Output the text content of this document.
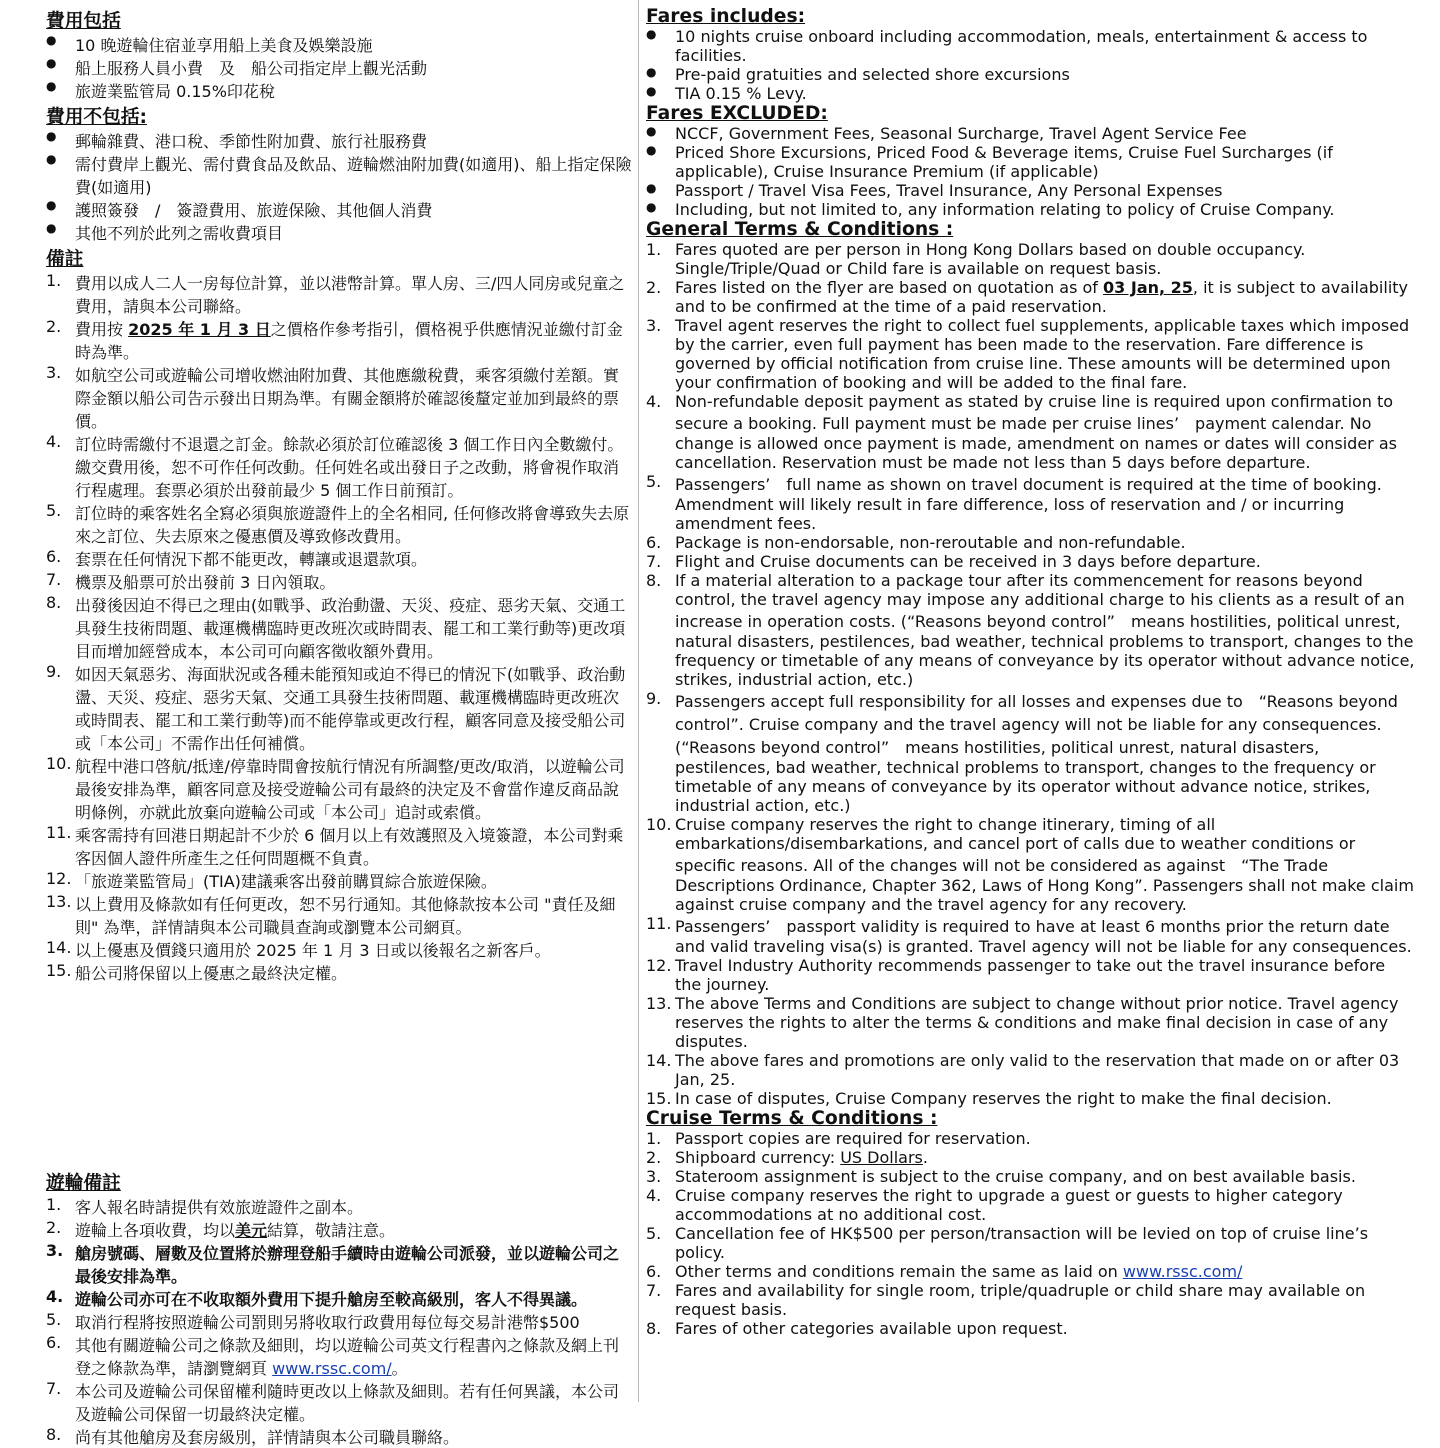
費用包括
● 10 晚遊輪住宿並享用船上美食及娛樂設施
● 船上服務人員小費　及　船公司指定岸上觀光活動
● 旅遊業監管局 0.15%印花稅
費用不包括:
● 郵輪雜費、港口稅、季節性附加費、旅行社服務費
● 需付費岸上觀光、需付費食品及飲品、遊輪燃油附加費(如適用)、船上指定保險費(如適用)
● 護照簽發　/　簽證費用、旅遊保險、其他個人消費
● 其他不列於此列之需收費項目
備註
1. 費用以成人二人一房每位計算，並以港幣計算。單人房、三/四人同房或兒童之費用，請與本公司聯絡。
2. 費用按 2025 年 1 月 3 日之價格作參考指引，價格視乎供應情況並繳付訂金時為準。
3. 如航空公司或遊輪公司增收燃油附加費、其他應繳稅費，乘客須繳付差額。實際金額以船公司告示發出日期為準。有關金額將於確認後釐定並加到最終的票價。
4. 訂位時需繳付不退還之訂金。餘款必須於訂位確認後 3 個工作日內全數繳付。繳交費用後，恕不可作任何改動。任何姓名或出發日子之改動，將會視作取消行程處理。套票必須於出發前最少 5 個工作日前預訂。
5. 訂位時的乘客姓名全寫必須與旅遊證件上的全名相同, 任何修改將會導致失去原來之訂位、失去原來之優惠價及導致修改費用。
6. 套票在任何情況下都不能更改，轉讓或退還款項。
7. 機票及船票可於出發前 3 日內領取。
8. 出發後因迫不得已之理由(如戰爭、政治動盪、天災、疫症、惡劣天氣、交通工具發生技術問題、載運機構臨時更改班次或時間表、罷工和工業行動等)更改項目而增加經營成本，本公司可向顧客徵收額外費用。
9. 如因天氣惡劣、海面狀況或各種未能預知或迫不得已的情況下(如戰爭、政治動盪、天災、疫症、惡劣天氣、交通工具發生技術問題、載運機構臨時更改班次或時間表、罷工和工業行動等)而不能停靠或更改行程，顧客同意及接受船公司或「本公司」不需作出任何補償。
10. 航程中港口啓航/抵達/停靠時間會按航行情況有所調整/更改/取消，以遊輪公司最後安排為準，顧客同意及接受遊輪公司有最終的決定及不會當作違反商品說明條例，亦就此放棄向遊輪公司或「本公司」追討或索償。
11. 乘客需持有回港日期起計不少於 6 個月以上有效護照及入境簽證，本公司對乘客因個人證件所產生之任何問題概不負責。
12. 「旅遊業監管局」(TIA)建議乘客出發前購買綜合旅遊保險。
13. 以上費用及條款如有任何更改，恕不另行通知。其他條款按本公司 "責任及細則" 為準，詳情請與本公司職員查詢或瀏覽本公司網頁。
14. 以上優惠及價錢只適用於 2025 年 1 月 3 日或以後報名之新客戶。
15. 船公司將保留以上優惠之最終決定權。
遊輪備註
1. 客人報名時請提供有效旅遊證件之副本。
2. 遊輪上各項收費，均以美元結算，敬請注意。
3. 艙房號碼、層數及位置將於辦理登船手續時由遊輪公司派發，並以遊輪公司之最後安排為準。
4. 遊輪公司亦可在不收取額外費用下提升艙房至較高級別，客人不得異議。
5. 取消行程將按照遊輪公司罰則另將收取行政費用每位每交易計港幣$500
6. 其他有關遊輪公司之條款及細則，均以遊輪公司英文行程書內之條款及網上刊登之條款為準，請瀏覽網頁 www.rssc.com/。
7. 本公司及遊輪公司保留權利隨時更改以上條款及細則。若有任何異議，本公司及遊輪公司保留一切最終決定權。
8. 尚有其他艙房及套房級別，詳情請與本公司職員聯絡。
Fares includes:
● 10 nights cruise onboard including accommodation, meals, entertainment & access to facilities.
● Pre-paid gratuities and selected shore excursions
● TIA 0.15 % Levy.
Fares EXCLUDED:
● NCCF, Government Fees, Seasonal Surcharge, Travel Agent Service Fee
● Priced Shore Excursions, Priced Food & Beverage items, Cruise Fuel Surcharges (if applicable), Cruise Insurance Premium (if applicable)
● Passport / Travel Visa Fees, Travel Insurance, Any Personal Expenses
● Including, but not limited to, any information relating to policy of Cruise Company.
General Terms & Conditions :
1. Fares quoted are per person in Hong Kong Dollars based on double occupancy. Single/Triple/Quad or Child fare is available on request basis.
2. Fares listed on the flyer are based on quotation as of 03 Jan, 25, it is subject to availability and to be confirmed at the time of a paid reservation.
3. Travel agent reserves the right to collect fuel supplements, applicable taxes which imposed by the carrier, even full payment has been made to the reservation. Fare difference is governed by official notification from cruise line. These amounts will be determined upon your confirmation of booking and will be added to the final fare.
4. Non-refundable deposit payment as stated by cruise line is required upon confirmation to secure a booking. Full payment must be made per cruise lines’　payment calendar. No change is allowed once payment is made, amendment on names or dates will consider as cancellation. Reservation must be made not less than 5 days before departure.
5. Passengers’　full name as shown on travel document is required at the time of booking. Amendment will likely result in fare difference, loss of reservation and / or incurring amendment fees.
6. Package is non-endorsable, non-reroutable and non-refundable.
7. Flight and Cruise documents can be received in 3 days before departure.
8. If a material alteration to a package tour after its commencement for reasons beyond control, the travel agency may impose any additional charge to his clients as a result of an increase in operation costs. (“Reasons beyond control”　means hostilities, political unrest, natural disasters, pestilences, bad weather, technical problems to transport, changes to the frequency or timetable of any means of conveyance by its operator without advance notice, strikes, industrial action, etc.)
9. Passengers accept full responsibility for all losses and expenses due to　“Reasons beyond control”. Cruise company and the travel agency will not be liable for any consequences.　(“Reasons beyond control”　means hostilities, political unrest, natural disasters, pestilences, bad weather, technical problems to transport, changes to the frequency or timetable of any means of conveyance by its operator without advance notice, strikes, industrial action, etc.)
10. Cruise company reserves the right to change itinerary, timing of all embarkations/disembarkations, and cancel port of calls due to weather conditions or specific reasons. All of the changes will not be considered as against　“The Trade Descriptions Ordinance, Chapter 362, Laws of Hong Kong”. Passengers shall not make claim against cruise company and the travel agency for any recovery.
11. Passengers’　passport validity is required to have at least 6 months prior the return date and valid traveling visa(s) is granted. Travel agency will not be liable for any consequences.
12. Travel Industry Authority recommends passenger to take out the travel insurance before the journey.
13. The above Terms and Conditions are subject to change without prior notice. Travel agency reserves the rights to alter the terms & conditions and make final decision in case of any disputes.
14. The above fares and promotions are only valid to the reservation that made on or after 03 Jan, 25.
15. In case of disputes, Cruise Company reserves the right to make the final decision.
Cruise Terms & Conditions :
1. Passport copies are required for reservation.
2. Shipboard currency: US Dollars.
3. Stateroom assignment is subject to the cruise company, and on best available basis.
4. Cruise company reserves the right to upgrade a guest or guests to higher category accommodations at no additional cost.
5. Cancellation fee of HK$500 per person/transaction will be levied on top of cruise line’s policy.
6. Other terms and conditions remain the same as laid on www.rssc.com/
7. Fares and availability for single room, triple/quadruple or child share may available on request basis.
8. Fares of other categories available upon request.
